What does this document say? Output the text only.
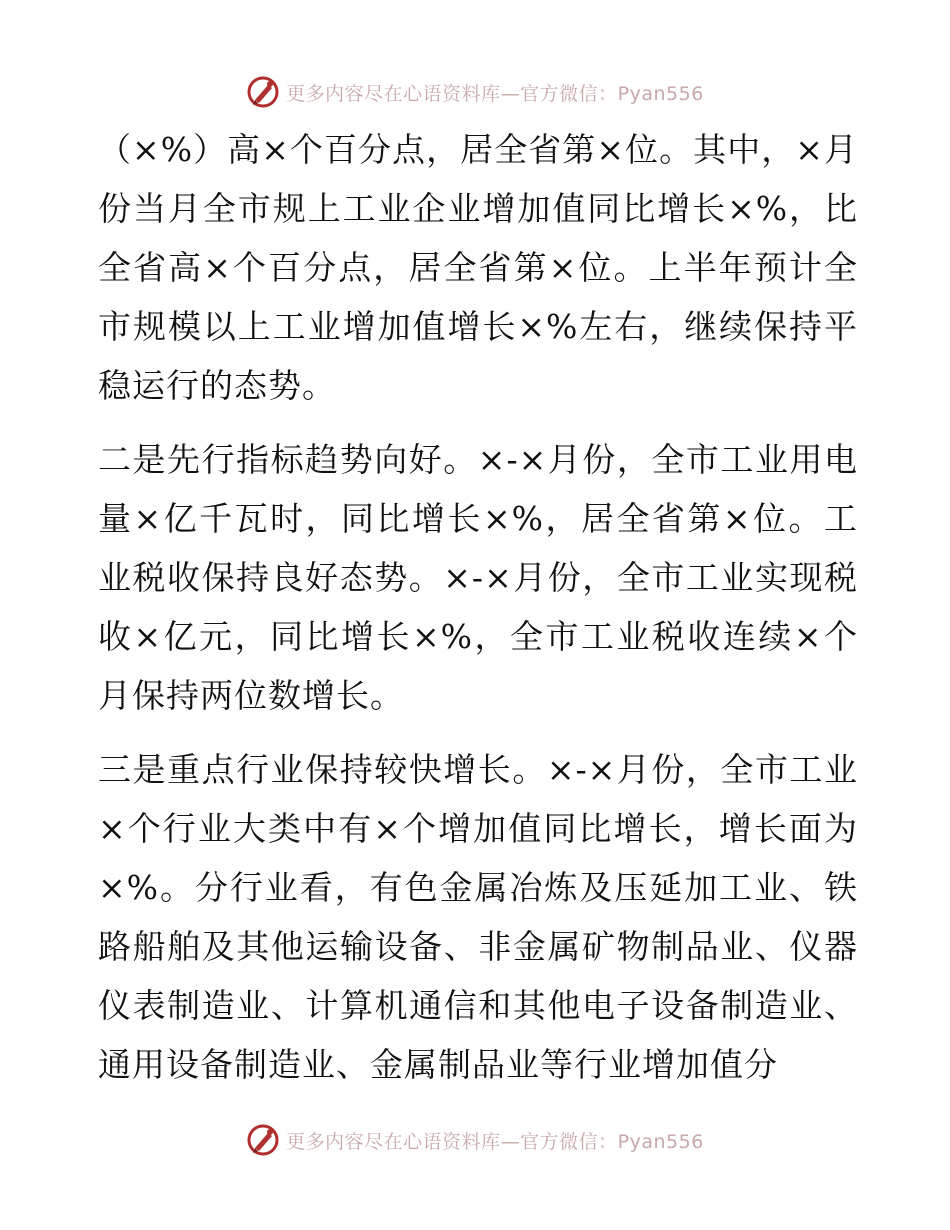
更多内容尽在心语资料库—官方微信：Pyan556

（×%）高×个百分点，居全省第×位。其中，×月份当月全市规上工业企业增加值同比增长×%，比全省高×个百分点，居全省第×位。上半年预计全市规模以上工业增加值增长×%左右，继续保持平稳运行的态势。

二是先行指标趋势向好。×-×月份，全市工业用电量×亿千瓦时，同比增长×%，居全省第×位。工业税收保持良好态势。×-×月份，全市工业实现税收×亿元，同比增长×%，全市工业税收连续×个月保持两位数增长。

三是重点行业保持较快增长。×-×月份，全市工业×个行业大类中有×个增加值同比增长，增长面为×%。分行业看，有色金属冶炼及压延加工业、铁路船舶及其他运输设备、非金属矿物制品业、仪器仪表制造业、计算机通信和其他电子设备制造业、通用设备制造业、金属制品业等行业增加值分

更多内容尽在心语资料库—官方微信：Pyan556
